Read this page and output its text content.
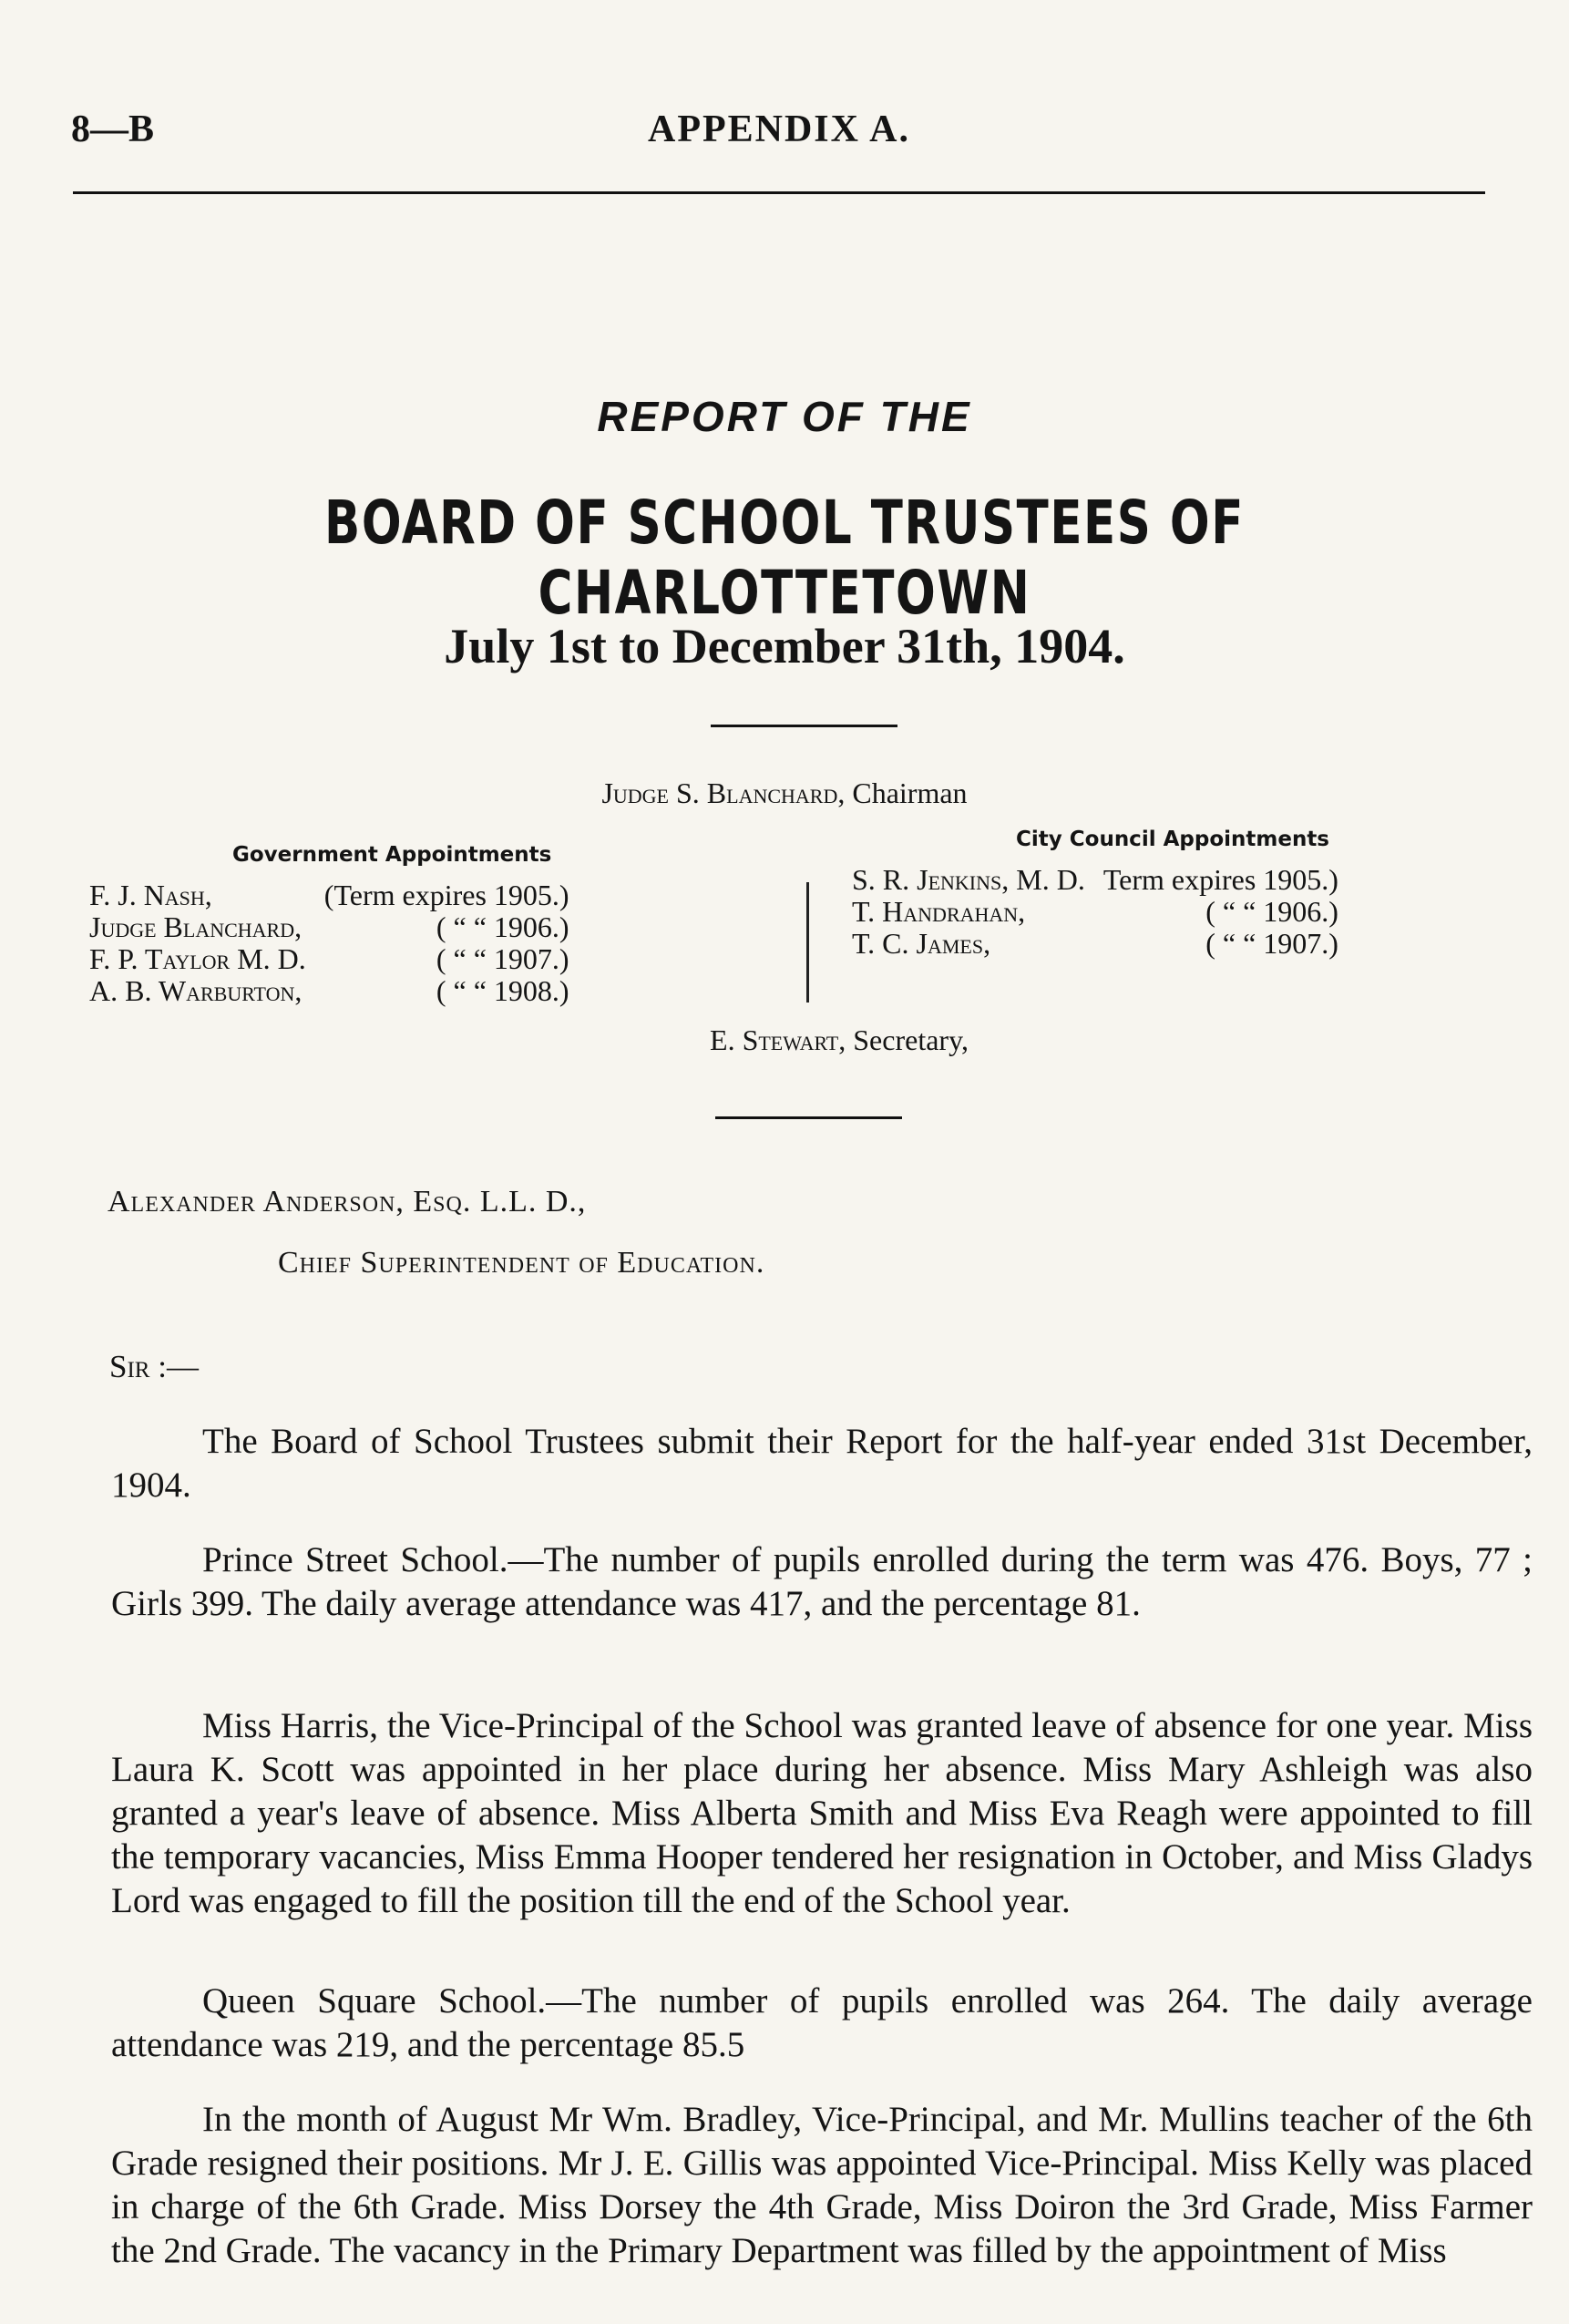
8—B	APPENDIX A.
REPORT OF THE
BOARD OF SCHOOL TRUSTEES OF CHARLOTTETOWN
July 1st to December 31th, 1904.
Judge S. Blanchard, Chairman
Government Appointments
F. J. Nash,	(Term expires 1905.)
Judge Blanchard,	( “ “ 1906.)
F. P. Taylor M. D.	( “ “ 1907.)
A. B. Warburton,	( “ “ 1908.)
City Council Appointments
S. R. Jenkins, M. D.	Term expires 1905.)
T. Handrahan,	( “ “ 1906.)
T. C. James,	( “ “ 1907.)
E. Stewart, Secretary,
Alexander Anderson, Esq. L.L. D.,
Chief Superintendent of Education.
Sir :—

The Board of School Trustees submit their Report for the half-year ended 31st December, 1904.

Prince Street School.—The number of pupils enrolled during the term was 476. Boys, 77 ; Girls 399. The daily average attendance was 417, and the percentage 81.

Miss Harris, the Vice-Principal of the School was granted leave of absence for one year. Miss Laura K. Scott was appointed in her place during her absence. Miss Mary Ashleigh was also granted a year's leave of absence. Miss Alberta Smith and Miss Eva Reagh were appointed to fill the temporary vacancies, Miss Emma Hooper tendered her resignation in October, and Miss Gladys Lord was engaged to fill the position till the end of the School year.

Queen Square School.—The number of pupils enrolled was 264. The daily average attendance was 219, and the percentage 85.5

In the month of August Mr Wm. Bradley, Vice-Principal, and Mr. Mullins teacher of the 6th Grade resigned their positions. Mr J. E. Gillis was appointed Vice-Principal. Miss Kelly was placed in charge of the 6th Grade. Miss Dorsey the 4th Grade, Miss Doiron the 3rd Grade, Miss Farmer the 2nd Grade. The vacancy in the Primary Department was filled by the appointment of Miss
